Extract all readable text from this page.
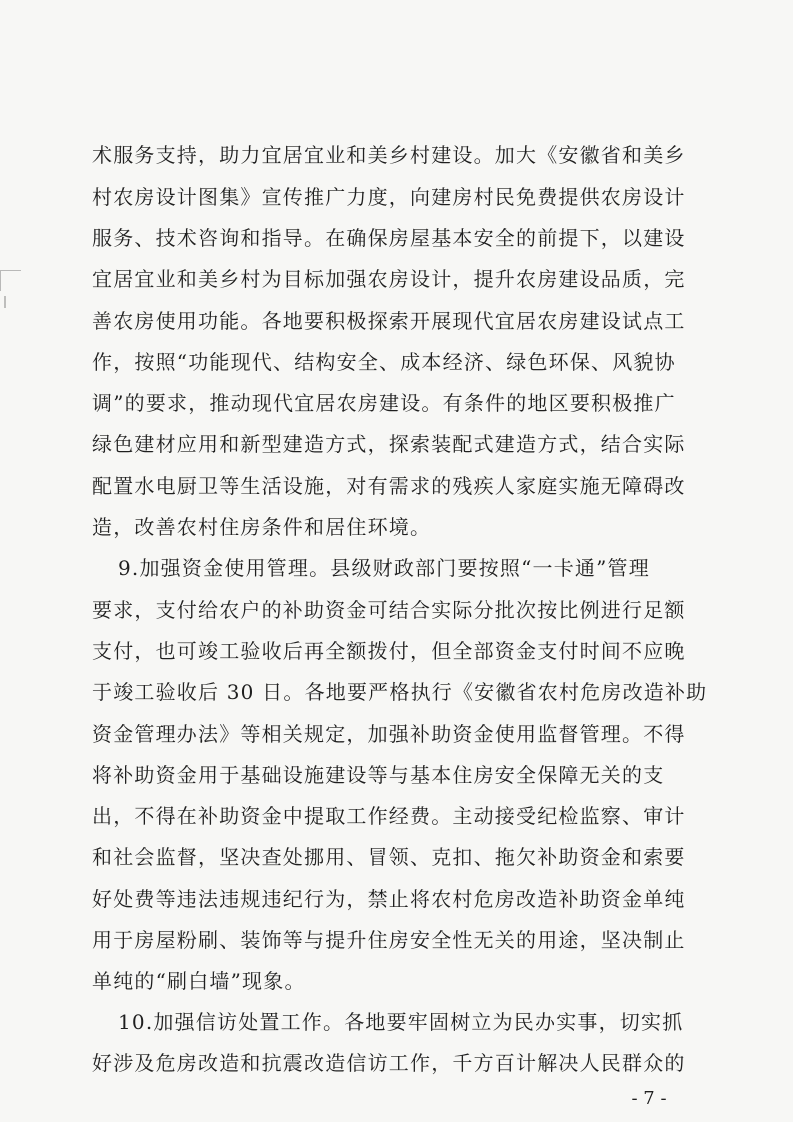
术服务支持，助力宜居宜业和美乡村建设。加大《安徽省和美乡
村农房设计图集》宣传推广力度，向建房村民免费提供农房设计
服务、技术咨询和指导。在确保房屋基本安全的前提下，以建设
宜居宜业和美乡村为目标加强农房设计，提升农房建设品质，完
善农房使用功能。各地要积极探索开展现代宜居农房建设试点工
作，按照“功能现代、结构安全、成本经济、绿色环保、风貌协
调”的要求，推动现代宜居农房建设。有条件的地区要积极推广
绿色建材应用和新型建造方式，探索装配式建造方式，结合实际
配置水电厨卫等生活设施，对有需求的残疾人家庭实施无障碍改
造，改善农村住房条件和居住环境。
9.加强资金使用管理。县级财政部门要按照“一卡通”管理
要求，支付给农户的补助资金可结合实际分批次按比例进行足额
支付，也可竣工验收后再全额拨付，但全部资金支付时间不应晚
于竣工验收后 30 日。各地要严格执行《安徽省农村危房改造补助
资金管理办法》等相关规定，加强补助资金使用监督管理。不得
将补助资金用于基础设施建设等与基本住房安全保障无关的支
出，不得在补助资金中提取工作经费。主动接受纪检监察、审计
和社会监督，坚决查处挪用、冒领、克扣、拖欠补助资金和索要
好处费等违法违规违纪行为，禁止将农村危房改造补助资金单纯
用于房屋粉刷、装饰等与提升住房安全性无关的用途，坚决制止
单纯的“刷白墙”现象。
10.加强信访处置工作。各地要牢固树立为民办实事，切实抓
好涉及危房改造和抗震改造信访工作，千方百计解决人民群众的
- 7 -
